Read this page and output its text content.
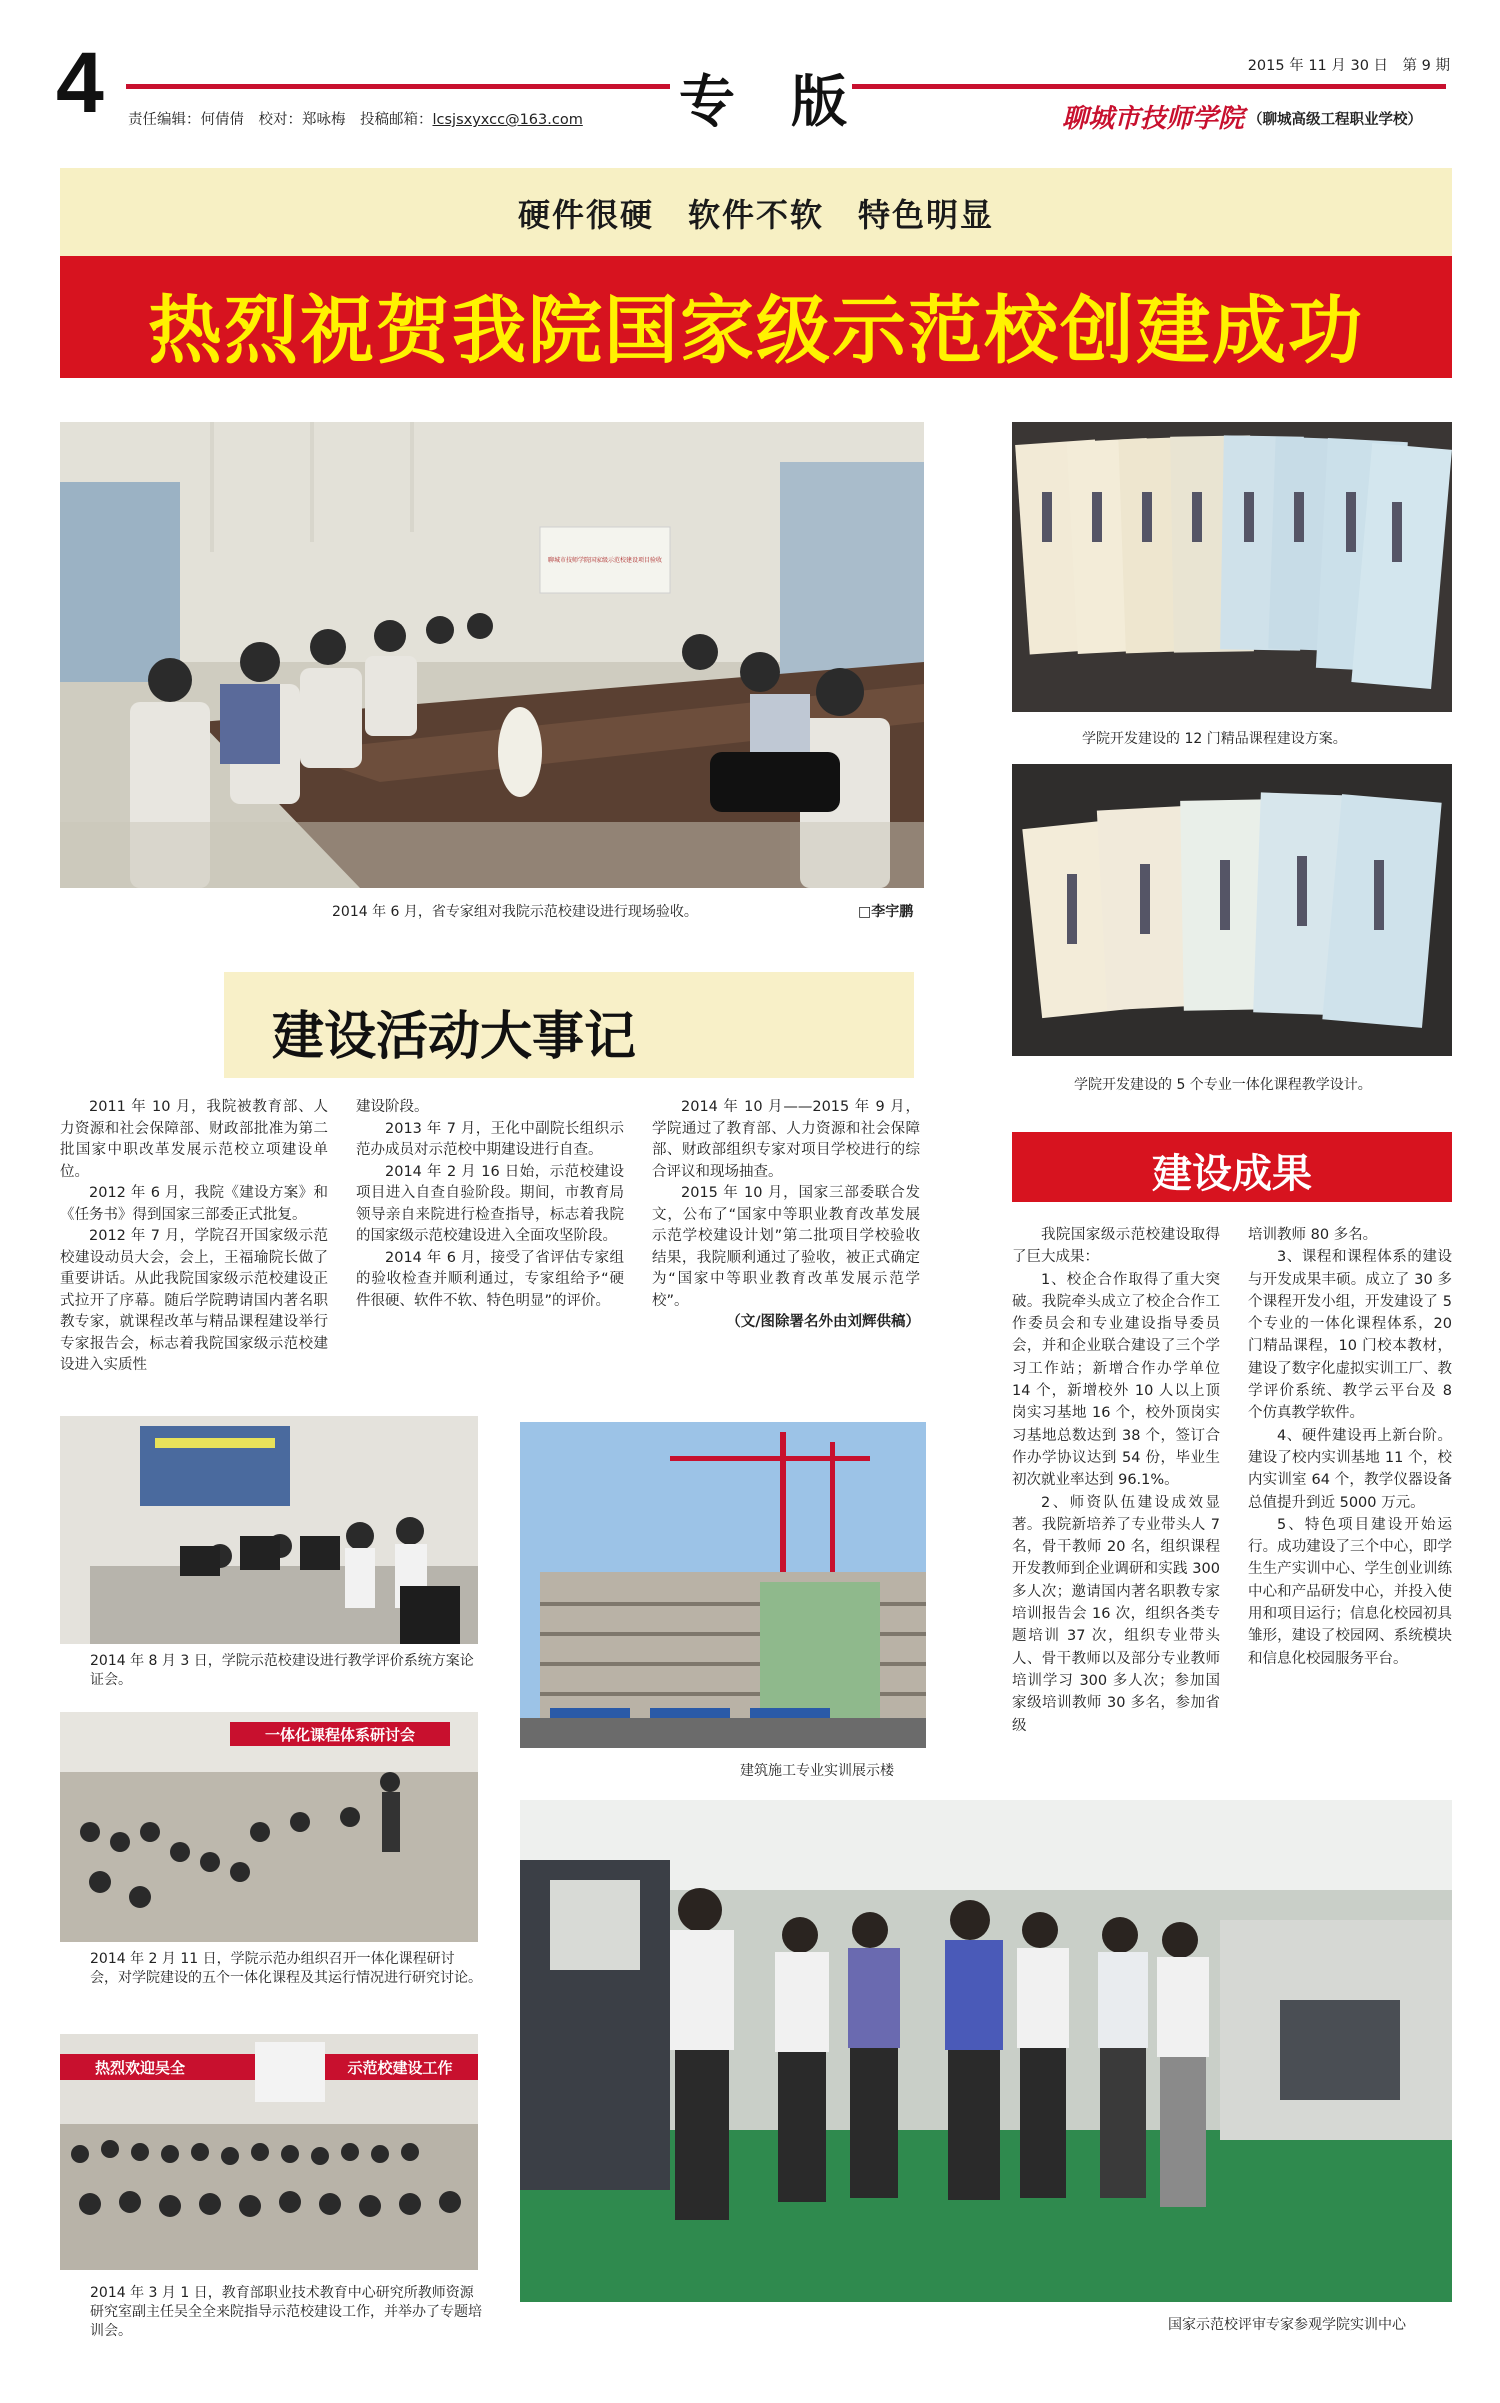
4 责任编辑：何倩倩　校对：郑咏梅　投稿邮箱：lcsjsxyxcc@163.com 专　版
2015 年 11 月 30 日　第 9 期
聊城市技师学院 （聊城高级工程职业学校）
硬件很硬　软件不软　特色明显
热烈祝贺我院国家级示范校创建成功
聊城市技师学院国家级示范校建设项目验收
2014 年 6 月，省专家组对我院示范校建设进行现场验收。	□李宇鹏
学院开发建设的 12 门精品课程建设方案。
学院开发建设的 5 个专业一体化课程教学设计。
建设活动大事记

2011 年 10 月，我院被教育部、人力资源和社会保障部、财政部批准为第二批国家中职改革发展示范校立项建设单位。

2012 年 6 月，我院《建设方案》和《任务书》得到国家三部委正式批复。

2012 年 7 月，学院召开国家级示范校建设动员大会，会上，王福瑜院长做了重要讲话。从此我院国家级示范校建设正式拉开了序幕。随后学院聘请国内著名职教专家，就课程改革与精品课程建设举行专家报告会，标志着我院国家级示范校建设进入实质性

建设阶段。

2013 年 7 月，王化中副院长组织示范办成员对示范校中期建设进行自查。

2014 年 2 月 16 日始，示范校建设项目进入自查自验阶段。期间，市教育局领导亲自来院进行检查指导，标志着我院的国家级示范校建设进入全面攻坚阶段。

2014 年 6 月，接受了省评估专家组的验收检查并顺利通过，专家组给予“硬件很硬、软件不软、特色明显”的评价。

2014 年 10 月——2015 年 9 月，学院通过了教育部、人力资源和社会保障部、财政部组织专家对项目学校进行的综合评议和现场抽查。

2015 年 10 月，国家三部委联合发文，公布了“国家中等职业教育改革发展示范学校建设计划”第二批项目学校验收结果，我院顺利通过了验收，被正式确定为“国家中等职业教育改革发展示范学校”。

（文/图除署名外由刘辉供稿）
建设成果

我院国家级示范校建设取得了巨大成果：

1、校企合作取得了重大突破。我院牵头成立了校企合作工作委员会和专业建设指导委员会，并和企业联合建设了三个学习工作站；新增合作办学单位 14 个，新增校外 10 人以上顶岗实习基地 16 个，校外顶岗实习基地总数达到 38 个，签订合作办学协议达到 54 份，毕业生初次就业率达到 96.1%。

2、师资队伍建设成效显著。我院新培养了专业带头人 7 名，骨干教师 20 名，组织课程开发教师到企业调研和实践 300 多人次；邀请国内著名职教专家培训报告会 16 次，组织各类专题培训 37 次，组织专业带头人、骨干教师以及部分专业教师培训学习 300 多人次；参加国家级培训教师 30 多名，参加省级

培训教师 80 多名。

3、课程和课程体系的建设与开发成果丰硕。成立了 30 多个课程开发小组，开发建设了 5 个专业的一体化课程体系，20 门精品课程，10 门校本教材，建设了数字化虚拟实训工厂、教学评价系统、教学云平台及 8 个仿真教学软件。

4、硬件建设再上新台阶。建设了校内实训基地 11 个，校内实训室 64 个，教学仪器设备总值提升到近 5000 万元。

5、特色项目建设开始运行。成功建设了三个中心，即学生生产实训中心、学生创业训练中心和产品研发中心，并投入使用和项目运行；信息化校园初具雏形，建设了校园网、系统模块和信息化校园服务平台。

2014 年 8 月 3 日，学院示范校建设进行教学评价系统方案论证会。
一体化课程体系研讨会
2014 年 2 月 11 日，学院示范办组织召开一体化课程研讨会，对学院建设的五个一体化课程及其运行情况进行研究讨论。
热烈欢迎吴全	示范校建设工作
2014 年 3 月 1 日，教育部职业技术教育中心研究所教师资源研究室副主任吴全全来院指导示范校建设工作，并举办了专题培训会。
建筑施工专业实训展示楼
国家示范校评审专家参观学院实训中心
